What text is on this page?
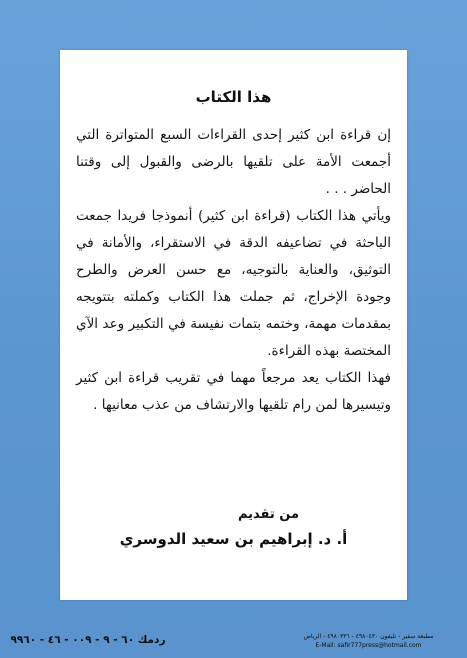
هذا الكتاب

إن قراءة ابن كثير إحدى القراءات السبع المتواترة التي أجمعت الأمة على تلقيها بالرضى والقبول إلى وقتنا الحاضر . . .

ويأتي هذا الكتاب (قراءة ابن كثير) أنموذجا فريدا جمعت الباحثة في تضاعيفه الدقة في الاستقراء، والأمانة في التوثيق، والعناية بالتوجيه، مع حسن العرض والطرح وجودة الإخراج، ثم جملت هذا الكتاب وكملته بتتويجه بمقدمات مهمة، وختمه بتمات نفيسة في التكبير وعد الآي المختصة بهذه القراءة.

فهذا الكتاب يعد مرجعاً مهما في تقريب قراءة ابن كثير وتيسيرها لمن رام تلقيها والارتشاف من عذب معانيها .

من تقديم
أ. د. إبراهيم بن سعيد الدوسري
ردمك ٦٠ - ٩ - ٠٠٩ - ٤٦ - ٩٩٦٠	مطبعة سفير - تليفون ٤٩٨٠٤٣٠ - ٤٩٨٠٣٣٦ - الرياض
E-Mail: safir777press@hotmail.com
